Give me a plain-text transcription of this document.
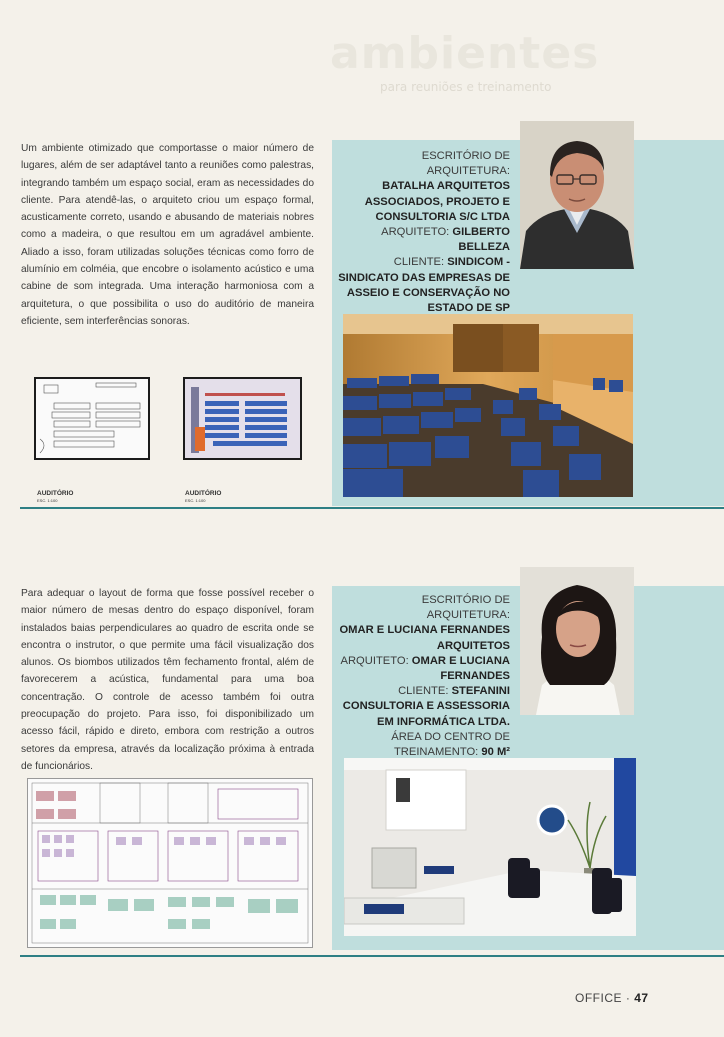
ambientes
para reuniões e treinamento
Um ambiente otimizado que comportasse o maior número de lugares, além de ser adaptável tanto a reuniões como palestras, integrando também um espaço social, eram as necessidades do cliente. Para atendê-las, o arquiteto criou um espaço formal, acusticamente correto, usando e abusando de materiais nobres como a madeira, o que resultou em um agradável ambiente. Aliado a isso, foram utilizadas soluções técnicas como forro de alumínio em colméia, que encobre o isolamento acústico e uma cabine de som integrada. Uma interação harmoniosa com a arquitetura, o que possibilita o uso do auditório de maneira eficiente, sem interferências sonoras.
ESCRITÓRIO DE ARQUITETURA:
BATALHA ARQUITETOS ASSOCIADOS, PROJETO E CONSULTORIA S/C LTDA
ARQUITETO: GILBERTO BELLEZA
CLIENTE: SINDICOM - SINDICATO DAS EMPRESAS DE ASSEIO E CONSERVAÇÃO NO ESTADO DE SP

AUDITÓRIO
ESC. 1:100
AUDITÓRIO
ESC. 1:100
Para adequar o layout de forma que fosse possível receber o maior número de mesas dentro do espaço disponível, foram instalados baias perpendiculares ao quadro de escrita onde se encontra o instrutor, o que permite uma fácil visualização dos alunos. Os biombos utilizados têm fechamento frontal, além de favorecerem a acústica, fundamental para uma boa concentração. O controle de acesso também foi outra preocupação do projeto. Para isso, foi disponibilizado um acesso fácil, rápido e direto, embora com restrição a outros setores da empresa, através da localização próxima à entrada de funcionários.
ESCRITÓRIO DE ARQUITETURA:
OMAR E LUCIANA FERNANDES ARQUITETOS
ARQUITETO: OMAR E LUCIANA FERNANDES
CLIENTE: STEFANINI CONSULTORIA E ASSESSORIA EM INFORMÁTICA LTDA.
ÁREA DO CENTRO DE TREINAMENTO: 90 M²
OFFICE · 47
